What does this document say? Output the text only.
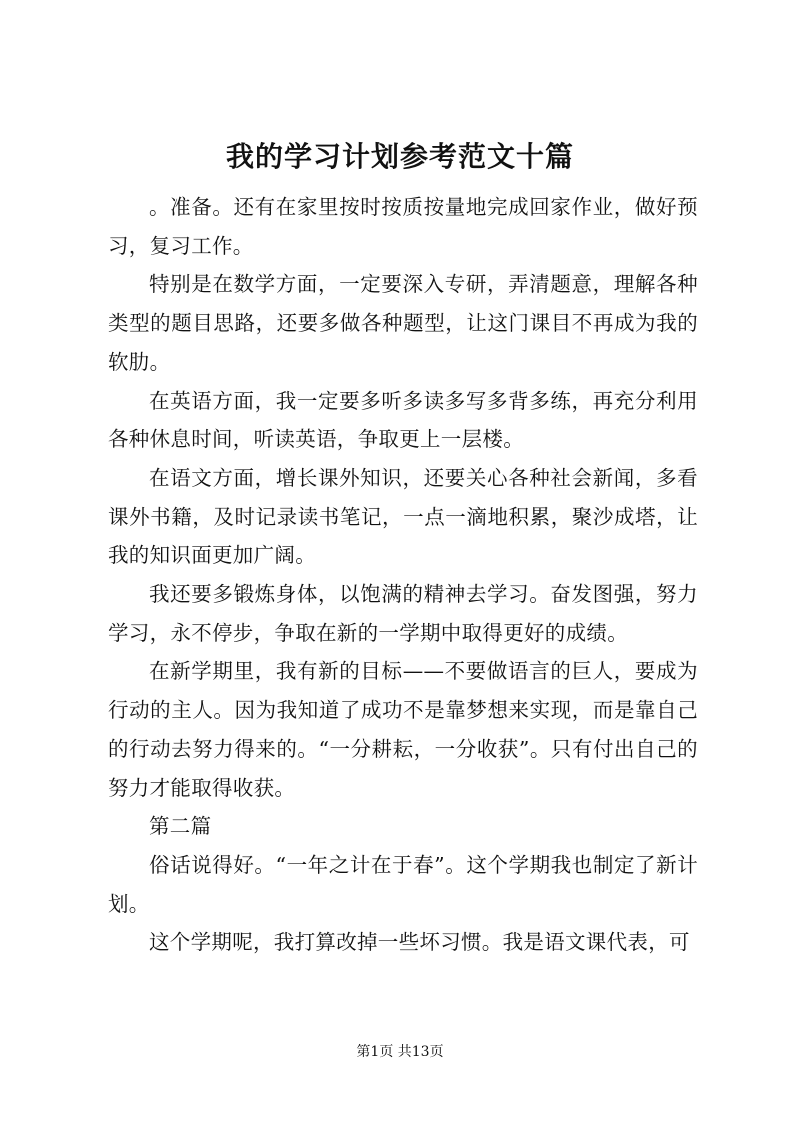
我的学习计划参考范文十篇

。准备。还有在家里按时按质按量地完成回家作业，做好预习，复习工作。

特别是在数学方面，一定要深入专研，弄清题意，理解各种类型的题目思路，还要多做各种题型，让这门课目不再成为我的软肋。

在英语方面，我一定要多听多读多写多背多练，再充分利用各种休息时间，听读英语，争取更上一层楼。

在语文方面，增长课外知识，还要关心各种社会新闻，多看课外书籍，及时记录读书笔记，一点一滴地积累，聚沙成塔，让我的知识面更加广阔。

我还要多锻炼身体，以饱满的精神去学习。奋发图强，努力学习，永不停步，争取在新的一学期中取得更好的成绩。

在新学期里，我有新的目标——不要做语言的巨人，要成为行动的主人。因为我知道了成功不是靠梦想来实现，而是靠自己的行动去努力得来的。“一分耕耘，一分收获”。只有付出自己的努力才能取得收获。

第二篇

俗话说得好。“一年之计在于春”。这个学期我也制定了新计划。

这个学期呢，我打算改掉一些坏习惯。我是语文课代表，可

第1页 共13页
